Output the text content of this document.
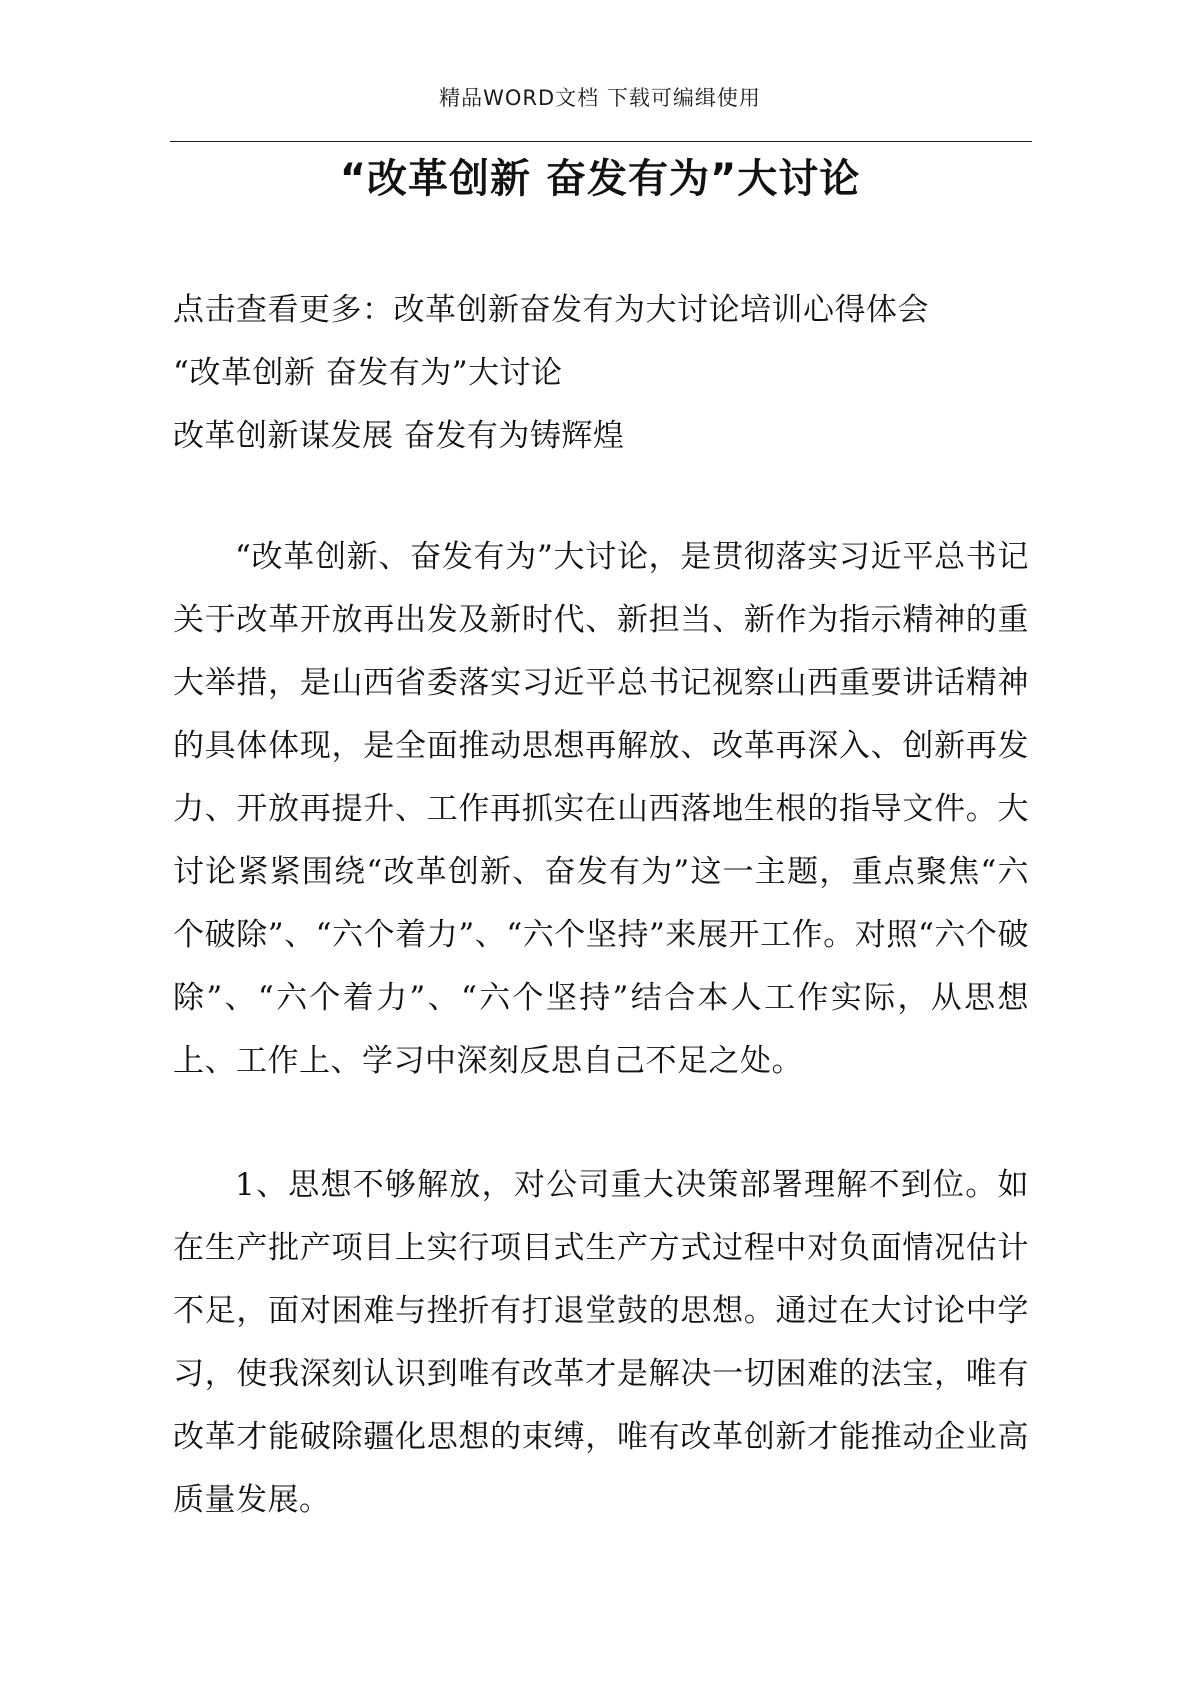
精品WORD文档 下载可编缉使用
“改革创新 奋发有为”大讨论
点击查看更多：改革创新奋发有为大讨论培训心得体会
“改革创新 奋发有为”大讨论
改革创新谋发展 奋发有为铸辉煌

“改革创新、奋发有为”大讨论，是贯彻落实习近平总书记关于改革开放再出发及新时代、新担当、新作为指示精神的重大举措，是山西省委落实习近平总书记视察山西重要讲话精神的具体体现，是全面推动思想再解放、改革再深入、创新再发力、开放再提升、工作再抓实在山西落地生根的指导文件。大讨论紧紧围绕“改革创新、奋发有为”这一主题，重点聚焦“六个破除”、“六个着力”、“六个坚持”来展开工作。对照“六个破除”、“六个着力”、“六个坚持”结合本人工作实际，从思想上、工作上、学习中深刻反思自己不足之处。

1、思想不够解放，对公司重大决策部署理解不到位。如在生产批产项目上实行项目式生产方式过程中对负面情况估计不足，面对困难与挫折有打退堂鼓的思想。通过在大讨论中学习，使我深刻认识到唯有改革才是解决一切困难的法宝，唯有改革才能破除疆化思想的束缚，唯有改革创新才能推动企业高质量发展。
